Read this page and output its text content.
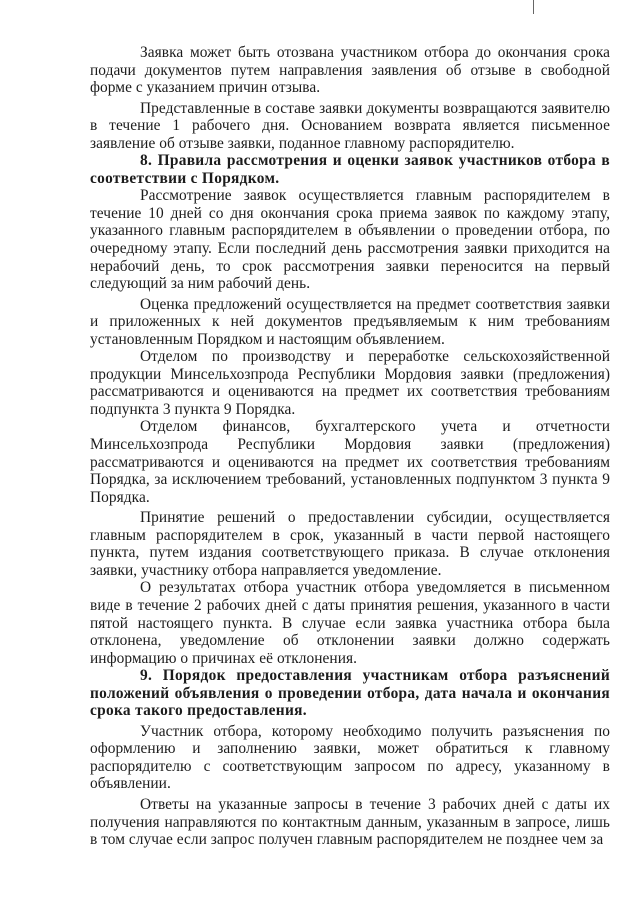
Заявка может быть отозвана участником отбора до окончания срока подачи документов путем направления заявления об отзыве в свободной форме с указанием причин отзыва.

Представленные в составе заявки документы возвращаются заявителю в течение 1 рабочего дня. Основанием возврата является письменное заявление об отзыве заявки, поданное главному распорядителю.

8. Правила рассмотрения и оценки заявок участников отбора в соответствии с Порядком.

Рассмотрение заявок осуществляется главным распорядителем в течение 10 дней со дня окончания срока приема заявок по каждому этапу, указанного главным распорядителем в объявлении о проведении отбора, по очередному этапу. Если последний день рассмотрения заявки приходится на нерабочий день, то срок рассмотрения заявки переносится на первый следующий за ним рабочий день.

Оценка предложений осуществляется на предмет соответствия заявки и приложенных к ней документов предъявляемым к ним требованиям установленным Порядком и настоящим объявлением.

Отделом по производству и переработке сельскохозяйственной продукции Минсельхозпрода Республики Мордовия заявки (предложения) рассматриваются и оцениваются на предмет их соответствия требованиям подпункта 3 пункта 9 Порядка.

Отделом финансов, бухгалтерского учета и отчетности Минсельхозпрода Республики Мордовия заявки (предложения) рассматриваются и оцениваются на предмет их соответствия требованиям Порядка, за исключением требований, установленных подпунктом 3 пункта 9 Порядка.

Принятие решений о предоставлении субсидии, осуществляется главным распорядителем в срок, указанный в части первой настоящего пункта, путем издания соответствующего приказа. В случае отклонения заявки, участнику отбора направляется уведомление.

О результатах отбора участник отбора уведомляется в письменном виде в течение 2 рабочих дней с даты принятия решения, указанного в части пятой настоящего пункта. В случае если заявка участника отбора была отклонена, уведомление об отклонении заявки должно содержать информацию о причинах её отклонения.

9. Порядок предоставления участникам отбора разъяснений положений объявления о проведении отбора, дата начала и окончания срока такого предоставления.

Участник отбора, которому необходимо получить разъяснения по оформлению и заполнению заявки, может обратиться к главному распорядителю с соответствующим запросом по адресу, указанному в объявлении.

Ответы на указанные запросы в течение 3 рабочих дней с даты их получения направляются по контактным данным, указанным в запросе, лишь в том случае если запрос получен главным распорядителем не позднее чем за
